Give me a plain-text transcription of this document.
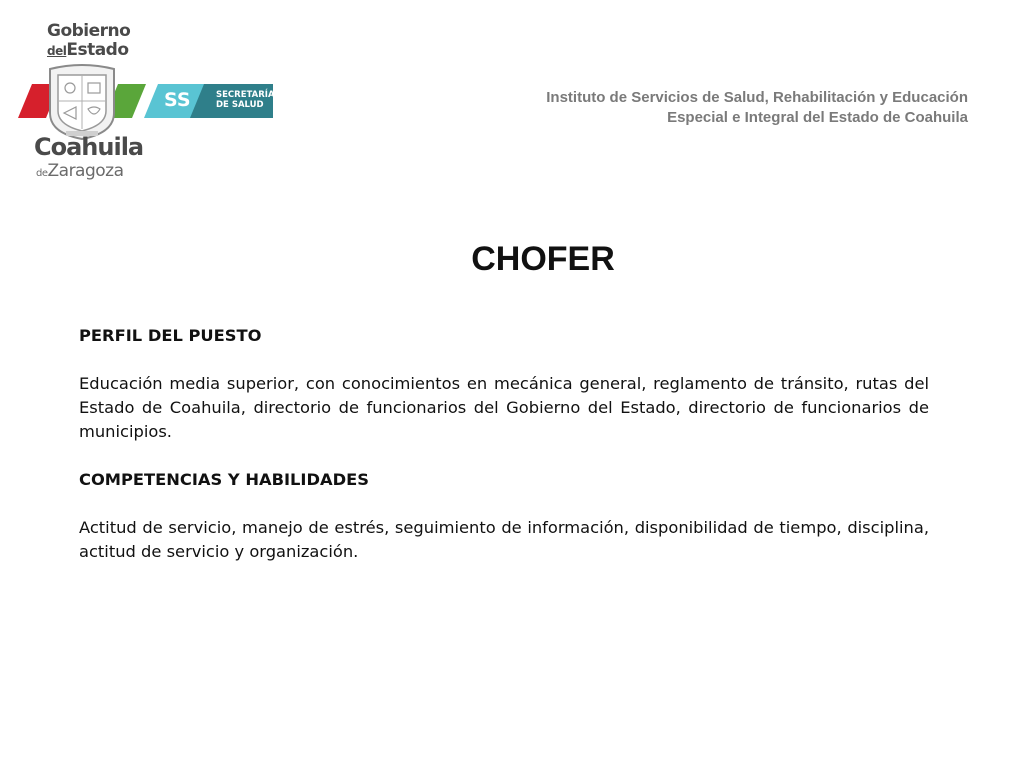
Gobierno
delEstado
SS	SECRETARÍA
DE SALUD
Coahuila
deZaragoza
Instituto de Servicios de Salud, Rehabilitación y Educación
Especial e Integral del Estado de Coahuila
CHOFER
PERFIL DEL PUESTO

Educación media superior, con conocimientos en mecánica general, reglamento de tránsito, rutas del Estado de Coahuila, directorio de funcionarios del Gobierno del Estado, directorio de funcionarios de municipios.

COMPETENCIAS Y HABILIDADES

Actitud de servicio, manejo de estrés, seguimiento de información, disponibilidad de tiempo, disciplina, actitud de servicio y organización.
